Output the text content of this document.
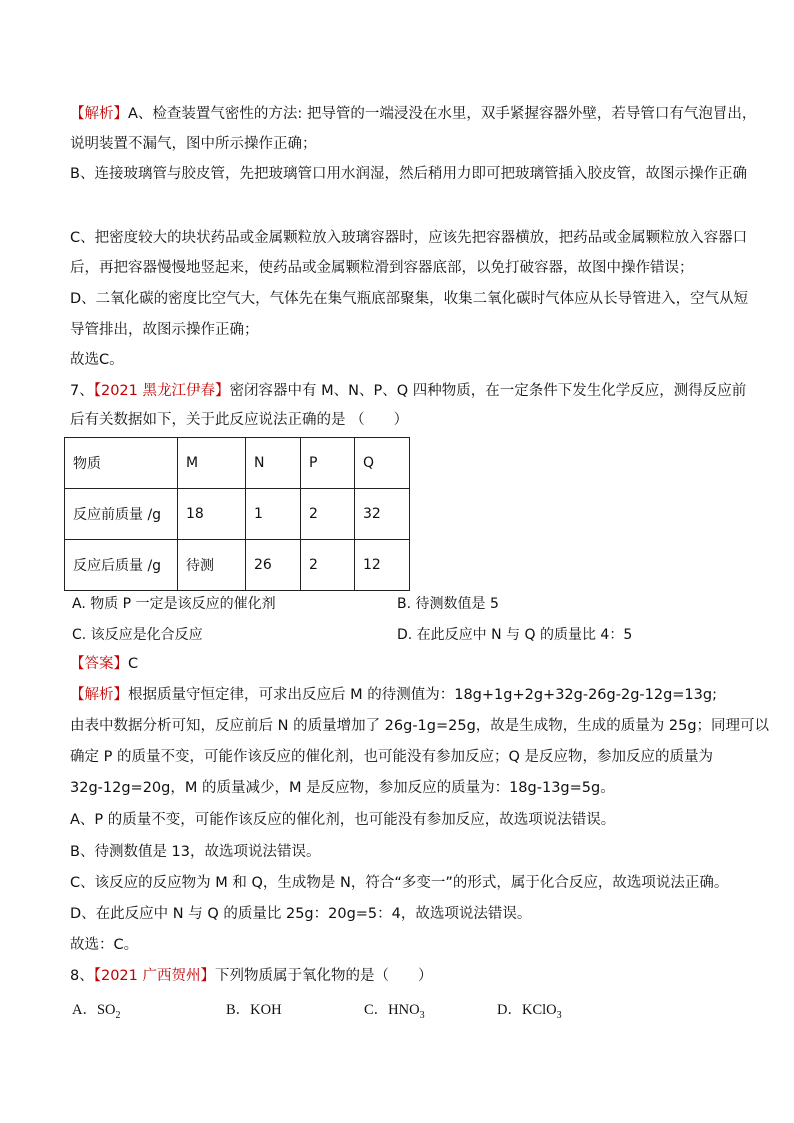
【解析】A、检查装置气密性的方法: 把导管的一端浸没在水里，双手紧握容器外壁，若导管口有气泡冒出，
说明装置不漏气，图中所示操作正确；
B、连接玻璃管与胶皮管，先把玻璃管口用水润湿，然后稍用力即可把玻璃管插入胶皮管，故图示操作正确
C、把密度较大的块状药品或金属颗粒放入玻璃容器时，应该先把容器横放，把药品或金属颗粒放入容器口
后，再把容器慢慢地竖起来，使药品或金属颗粒滑到容器底部，以免打破容器，故图中操作错误；
D、二氧化碳的密度比空气大，气体先在集气瓶底部聚集，收集二氧化碳时气体应从长导管进入，空气从短
导管排出，故图示操作正确；
故选C。
7、【2021 黑龙江伊春】密闭容器中有 M、N、P、Q 四种物质，在一定条件下发生化学反应，测得反应前
后有关数据如下，关于此反应说法正确的是 （　　）
物质	M	N	P	Q
反应前质量 /g	18	1	2	32
反应后质量 /g	待测	26	2	12
A. 物质 P 一定是该反应的催化剂	B. 待测数值是 5
C. 该反应是化合反应	D. 在此反应中 N 与 Q 的质量比 4：5
【答案】C
【解析】根据质量守恒定律，可求出反应后 M 的待测值为：18g+1g+2g+32g-26g-2g-12g=13g;
由表中数据分析可知，反应前后 N 的质量增加了 26g-1g=25g，故是生成物，生成的质量为 25g；同理可以
确定 P 的质量不变，可能作该反应的催化剂，也可能没有参加反应；Q 是反应物，参加反应的质量为
32g-12g=20g，M 的质量减少，M 是反应物，参加反应的质量为：18g-13g=5g。
A、P 的质量不变，可能作该反应的催化剂，也可能没有参加反应，故选项说法错误。
B、待测数值是 13，故选项说法错误。
C、该反应的反应物为 M 和 Q，生成物是 N，符合“多变一”的形式，属于化合反应，故选项说法正确。
D、在此反应中 N 与 Q 的质量比 25g：20g=5：4，故选项说法错误。
故选：C。
8、【2021 广西贺州】下列物质属于氧化物的是（　　）
A．$SO_2$	B．KOH	C．$HNO_3$	D．KClO$_3$
